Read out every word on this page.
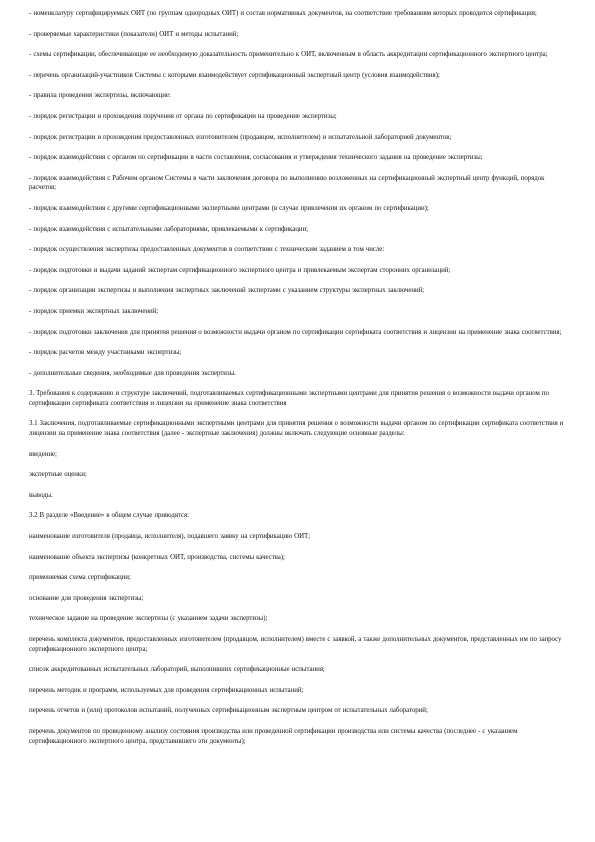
- номенклатуру сертифицируемых ОИТ (по группам однородных ОИТ) и состав нормативных документов, на соответствие требованиям которых проводится сертификация;

- проверяемые характеристики (показатели) ОИТ и методы испытаний;

- схемы сертификации, обеспечивающие ее необходимую доказательность применительно к ОИТ, включенным в область аккредитации сертификационного экспертного центра;

- перечень организаций-участников Системы с которыми взаимодействует сертификационный экспертный центр (условия взаимодействия);

- правила проведения экспертизы, включающие:

- порядок регистрации и прохождения поручения от органа по сертификации на проведение экспертизы;

- порядок регистрации и прохождения предоставленных изготовителем (продавцом, исполнителем) и испытательной лабораторией документов;

- порядок взаимодействия с органом по сертификации в части составления, согласования и утверждения технического задания на проведение экспертизы;

- порядок взаимодействия с Рабочим органом Системы в части заключения договора по выполнению возложенных на сертификационный экспертный центр функций, порядок расчетов;

- порядок взаимодействия с другими сертификационными экспертными центрами (в случае привлечения их органом по сертификации);

- порядок взаимодействия с испытательными лабораториями, привлекаемыми к сертификации;

- порядок осуществления экспертизы предоставленных документов в соответствии с техническим заданием в том числе:

- порядок подготовки и выдачи заданий экспертам сертификационного экспертного центра и привлекаемым экспертам сторонних организаций;

- порядок организации экспертизы и выполнения экспертных заключений экспертами с указанием структуры экспертных заключений;

- порядок приемки экспертных заключений;

- порядок подготовки заключения для принятия решения о возможности выдачи органом по сертификации сертификата соответствия и лицензии на применение знака соответствия;

- порядок расчетов между участниками экспертизы;

- дополнительные сведения, необходимые для проведения экспертизы.

3. Требования к содержанию и структуре заключений, подготавливаемых сертификационными экспертными центрами для принятия решения о возможности выдачи органом по сертификации сертификата соответствия и лицензии на применение знака соответствия

3.1 Заключения, подготавливаемые сертификационными экспертными центрами для принятия решения о возможности выдачи органом по сертификации сертификата соответствия и лицензии на применение знака соответствия (далее - экспертные заключения) должны включать следующие основные разделы:

введение;

экспертные оценки;

выводы.

3.2 В разделе «Введение» в общем случае приводятся:

наименование изготовителя (продавца, исполнителя), подавшего заявку на сертификацию ОИТ;

наименование объекта экспертизы (конкретных ОИТ, производства, системы качества);

применяемая схема сертификации;

основание для проведения экспертизы;

техническое задание на проведение экспертизы (с указанием задачи экспертизы);

перечень комплекта документов, предоставленных изготовителем (продавцом, исполнителем) вместе с заявкой, а также дополнительных документов, представленных им по запросу сертификационного экспертного центра;

список аккредитованных испытательных лабораторий, выполнивших сертификационные испытания;

перечень методик и программ, используемых для проведения сертификационных испытаний;

перечень отчетов и (или) протоколов испытаний, полученных сертификационным экспертным центром от испытательных лабораторий;

перечень документов по проведенному анализу состояния производства или проведенной сертификации производства или системы качества (последнее - с указанием сертификационного экспертного центра, представившего эти документы);
